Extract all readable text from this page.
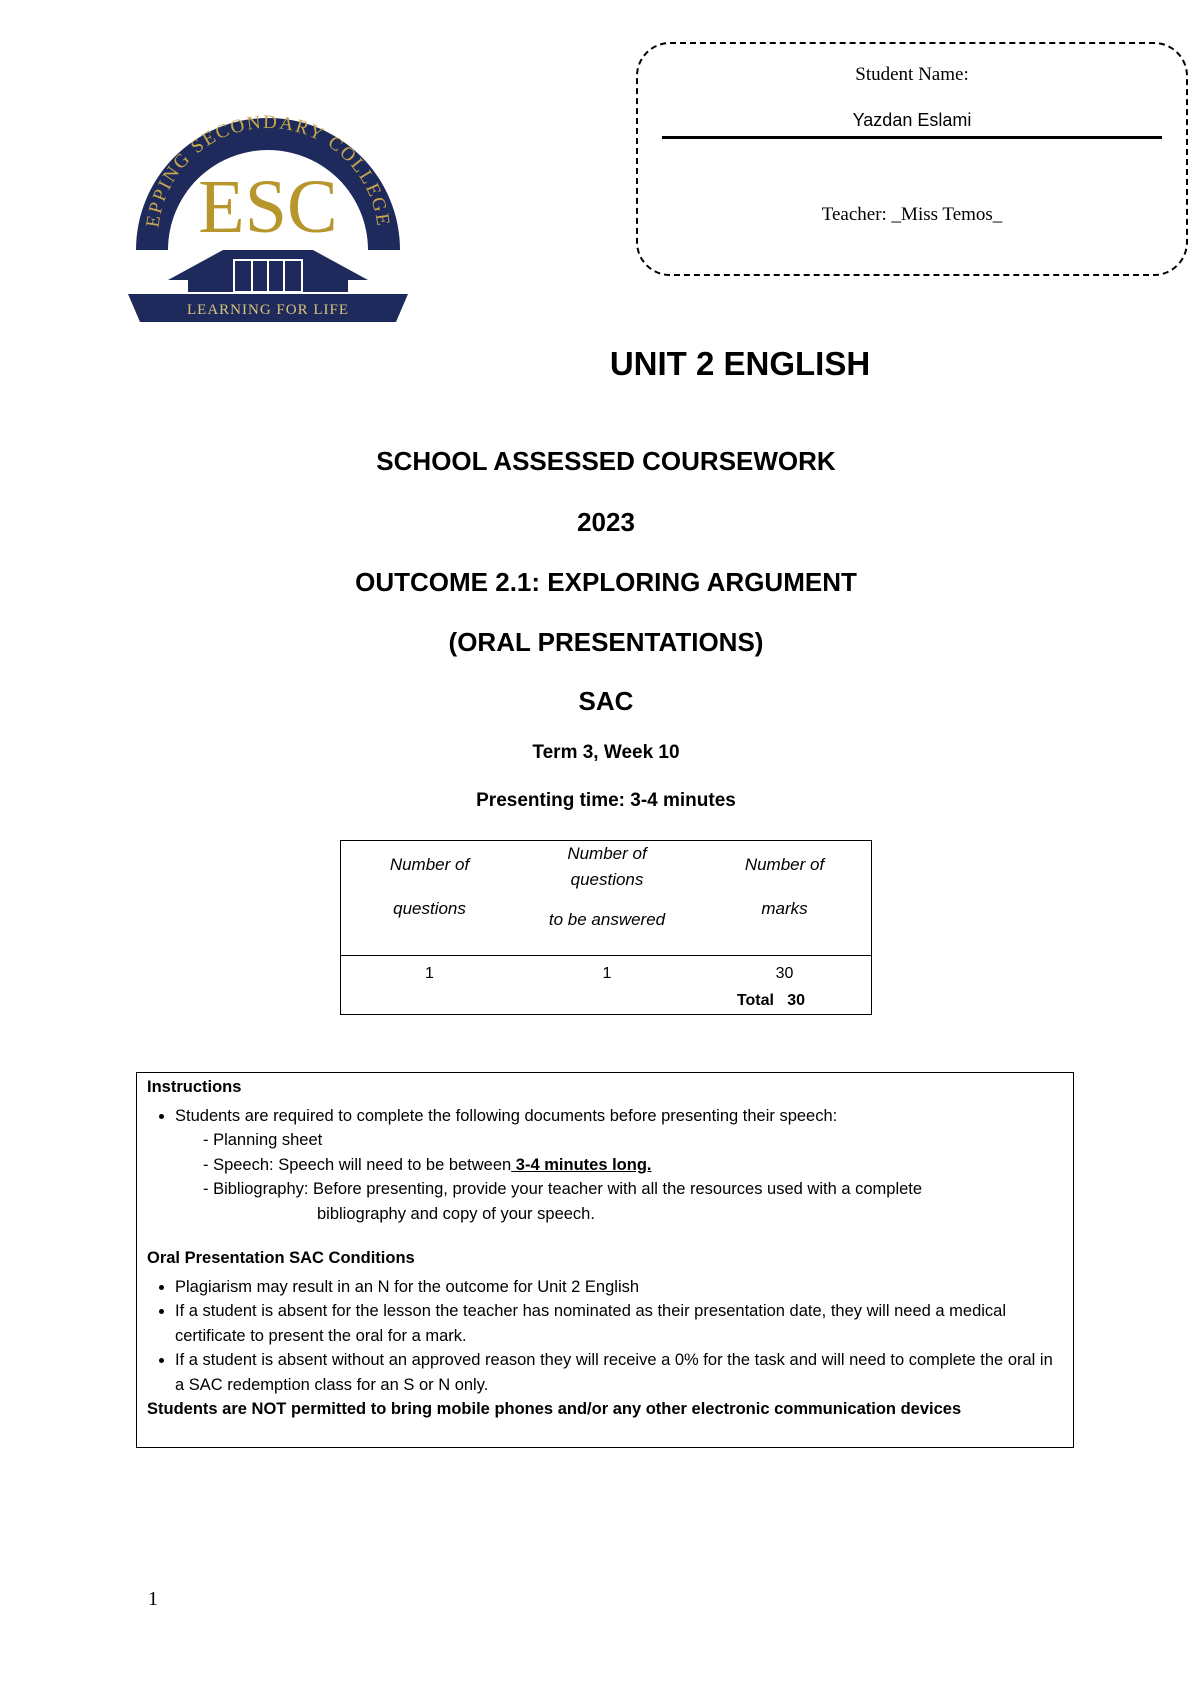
EPPING SECONDARY COLLEGE
ESC
LEARNING FOR LIFE
Student Name:
Yazdan Eslami
Teacher: _Miss Temos_
UNIT 2 ENGLISH
SCHOOL ASSESSED COURSEWORK
2023
OUTCOME 2.1: EXPLORING ARGUMENT
(ORAL PRESENTATIONS)
SAC
Term 3, Week 10
Presenting time: 3-4 minutes
Number of
questions
Number of
questions
to be answered
Number of
marks
1	1	30
Total 30
Instructions
• Students are required to complete the following documents before presenting their speech:
- Planning sheet
- Speech: Speech will need to be between 3-4 minutes long.
- Bibliography: Before presenting, provide your teacher with all the resources used with a complete
bibliography and copy of your speech.
Oral Presentation SAC Conditions
• Plagiarism may result in an N for the outcome for Unit 2 English
• If a student is absent for the lesson the teacher has nominated as their presentation date, they will need a medical certificate to present the oral for a mark.
• If a student is absent without an approved reason they will receive a 0% for the task and will need to complete the oral in a SAC redemption class for an S or N only.
Students are NOT permitted to bring mobile phones and/or any other electronic communication devices
1
